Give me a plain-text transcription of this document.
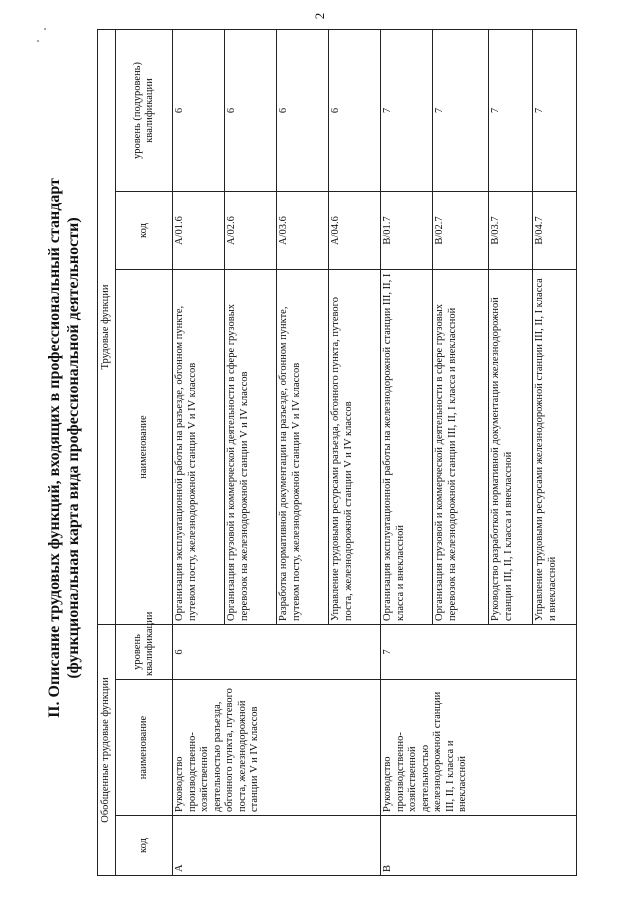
2
II. Описание трудовых функций, входящих в профессиональный стандарт (функциональная карта вида профессиональной деятельности)
Обобщенные трудовые функции			Трудовые функции		
код	наименование	уровень квалификации	наименование	код	уровень (подуровень) квалификации
A	Руководство производственно-хозяйственной деятельностью разъезда, обгонного пункта, путевого поста, железнодорожной станции V и IV классов	6	Организация эксплуатационной работы на разъезде, обгонном пункте, путевом посту, железнодорожной станции V и IV классов	A/01.6	6
			Организация грузовой и коммерческой деятельности в сфере грузовых перевозок на железнодорожной станции V и IV классов	A/02.6	6
			Разработка нормативной документации на разъезде, обгонном пункте, путевом посту, железнодорожной станции V и IV классов	A/03.6	6
			Управление трудовыми ресурсами разъезда, обгонного пункта, путевого поста, железнодорожной станции V и IV классов	A/04.6	6
B	Руководство производственно-хозяйственной деятельностью железнодорожной станции III, II, I класса и внеклассной	7	Организация эксплуатационной работы на железнодорожной станции III, II, I класса и внеклассной	B/01.7	7
			Организация грузовой и коммерческой деятельности в сфере грузовых перевозок на железнодорожной станции III, II, I класса и внеклассной	B/02.7	7
			Руководство разработкой нормативной документации железнодорожной станции III, II, I класса и внеклассной	B/03.7	7
			Управление трудовыми ресурсами железнодорожной станции III, II, I класса и внеклассной	B/04.7	7
